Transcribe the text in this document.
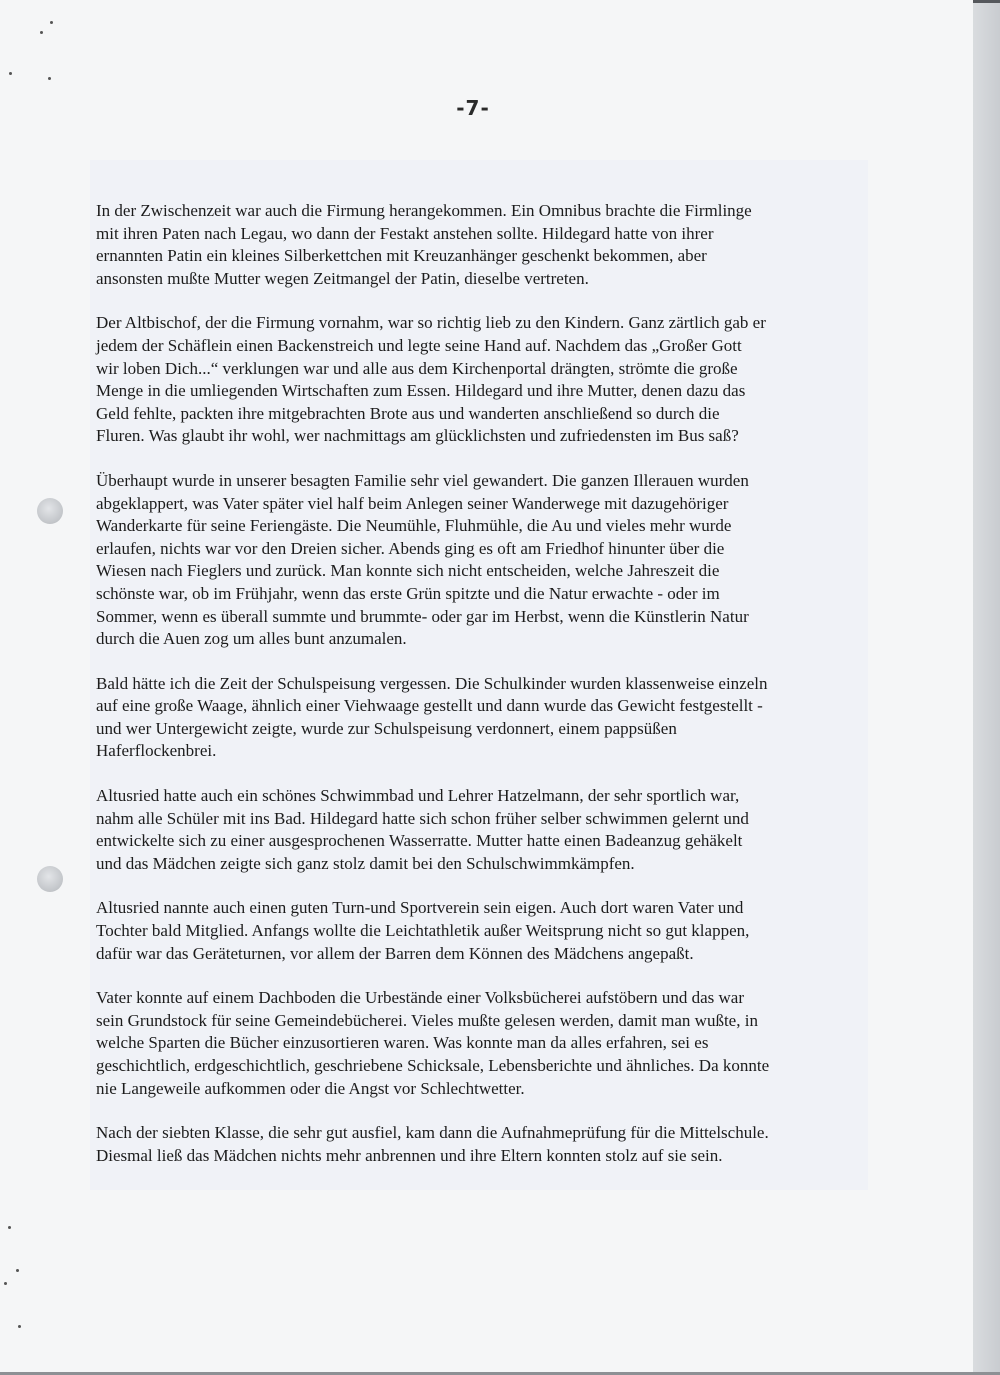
-7-

In der Zwischenzeit war auch die Firmung herangekommen. Ein Omnibus brachte die Firmlinge
mit ihren Paten nach Legau, wo dann der Festakt anstehen sollte. Hildegard hatte von ihrer
ernannten Patin ein kleines Silberkettchen mit Kreuzanhänger geschenkt bekommen, aber
ansonsten mußte Mutter wegen Zeitmangel der Patin, dieselbe vertreten.

Der Altbischof, der die Firmung vornahm, war so richtig lieb zu den Kindern. Ganz zärtlich gab er
jedem der Schäflein einen Backenstreich und legte seine Hand auf. Nachdem das „Großer Gott
wir loben Dich...“ verklungen war und alle aus dem Kirchenportal drängten, strömte die große
Menge in die umliegenden Wirtschaften zum Essen. Hildegard und ihre Mutter, denen dazu das
Geld fehlte, packten ihre mitgebrachten Brote aus und wanderten anschließend so durch die
Fluren. Was glaubt ihr wohl, wer nachmittags am glücklichsten und zufriedensten im Bus saß?

Überhaupt wurde in unserer besagten Familie sehr viel gewandert. Die ganzen Illerauen wurden
abgeklappert, was Vater später viel half beim Anlegen seiner Wanderwege mit dazugehöriger
Wanderkarte für seine Feriengäste. Die Neumühle, Fluhmühle, die Au und vieles mehr wurde
erlaufen, nichts war vor den Dreien sicher. Abends ging es oft am Friedhof hinunter über die
Wiesen nach Fieglers und zurück. Man konnte sich nicht entscheiden, welche Jahreszeit die
schönste war, ob im Frühjahr, wenn das erste Grün spitzte und die Natur erwachte - oder im
Sommer, wenn es überall summte und brummte- oder gar im Herbst, wenn die Künstlerin Natur
durch die Auen zog um alles bunt anzumalen.

Bald hätte ich die Zeit der Schulspeisung vergessen. Die Schulkinder wurden klassenweise einzeln
auf eine große Waage, ähnlich einer Viehwaage gestellt und dann wurde das Gewicht festgestellt -
und wer Untergewicht zeigte, wurde zur Schulspeisung verdonnert, einem pappsüßen
Haferflockenbrei.

Altusried hatte auch ein schönes Schwimmbad und Lehrer Hatzelmann, der sehr sportlich war,
nahm alle Schüler mit ins Bad. Hildegard hatte sich schon früher selber schwimmen gelernt und
entwickelte sich zu einer ausgesprochenen Wasserratte. Mutter hatte einen Badeanzug gehäkelt
und das Mädchen zeigte sich ganz stolz damit bei den Schulschwimmkämpfen.

Altusried nannte auch einen guten Turn-und Sportverein sein eigen. Auch dort waren Vater und
Tochter bald Mitglied. Anfangs wollte die Leichtathletik außer Weitsprung nicht so gut klappen,
dafür war das Geräteturnen, vor allem der Barren dem Können des Mädchens angepaßt.

Vater konnte auf einem Dachboden die Urbestände einer Volksbücherei aufstöbern und das war
sein Grundstock für seine Gemeindebücherei. Vieles mußte gelesen werden, damit man wußte, in
welche Sparten die Bücher einzusortieren waren. Was konnte man da alles erfahren, sei es
geschichtlich, erdgeschichtlich, geschriebene Schicksale, Lebensberichte und ähnliches. Da konnte
nie Langeweile aufkommen oder die Angst vor Schlechtwetter.

Nach der siebten Klasse, die sehr gut ausfiel, kam dann die Aufnahmeprüfung für die Mittelschule.
Diesmal ließ das Mädchen nichts mehr anbrennen und ihre Eltern konnten stolz auf sie sein.
